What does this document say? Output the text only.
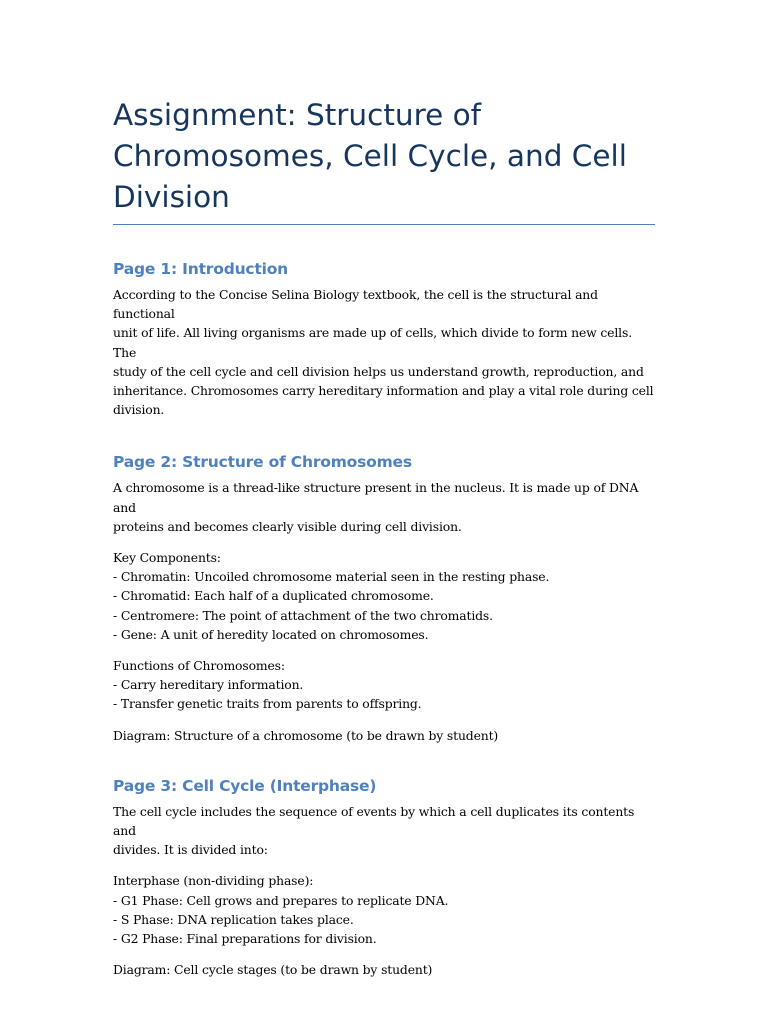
Assignment: Structure of
Chromosomes, Cell Cycle, and Cell
Division
Page 1: Introduction

According to the Concise Selina Biology textbook, the cell is the structural and functional
unit of life. All living organisms are made up of cells, which divide to form new cells. The
study of the cell cycle and cell division helps us understand growth, reproduction, and
inheritance. Chromosomes carry hereditary information and play a vital role during cell
division.

Page 2: Structure of Chromosomes

A chromosome is a thread-like structure present in the nucleus. It is made up of DNA and
proteins and becomes clearly visible during cell division.

Key Components:
- Chromatin: Uncoiled chromosome material seen in the resting phase.
- Chromatid: Each half of a duplicated chromosome.
- Centromere: The point of attachment of the two chromatids.
- Gene: A unit of heredity located on chromosomes.

Functions of Chromosomes:
- Carry hereditary information.
- Transfer genetic traits from parents to offspring.

Diagram: Structure of a chromosome (to be drawn by student)

Page 3: Cell Cycle (Interphase)

The cell cycle includes the sequence of events by which a cell duplicates its contents and
divides. It is divided into:

Interphase (non-dividing phase):
- G1 Phase: Cell grows and prepares to replicate DNA.
- S Phase: DNA replication takes place.
- G2 Phase: Final preparations for division.

Diagram: Cell cycle stages (to be drawn by student)
